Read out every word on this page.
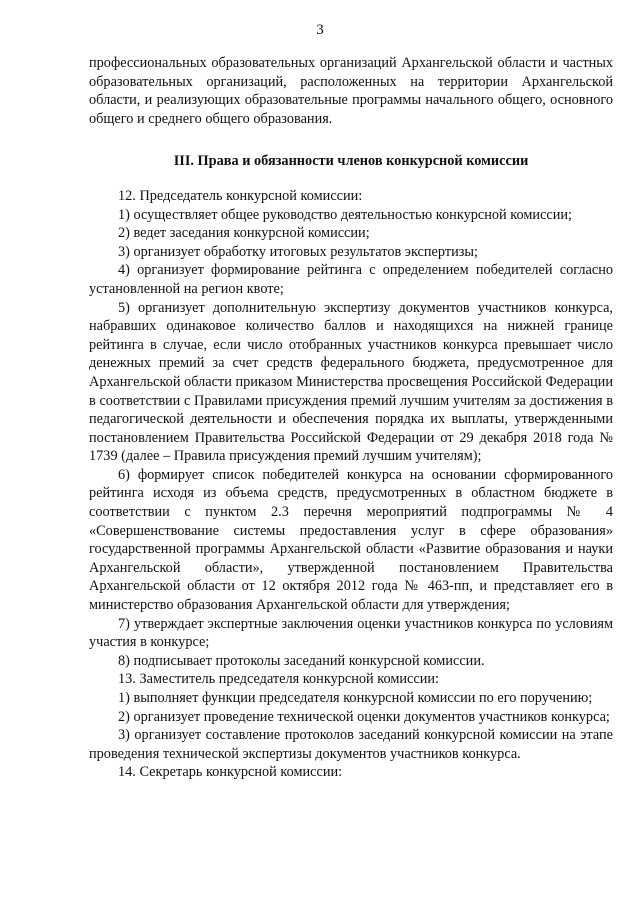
3

профессиональных образовательных организаций Архангельской области и частных образовательных организаций, расположенных на территории Архангельской области, и реализующих образовательные программы начального общего, основного общего и среднего общего образования.

III. Права и обязанности членов конкурсной комиссии

12. Председатель конкурсной комиссии:

1) осуществляет общее руководство деятельностью конкурсной комиссии;

2) ведет заседания конкурсной комиссии;

3) организует обработку итоговых результатов экспертизы;

4) организует формирование рейтинга с определением победителей согласно установленной на регион квоте;

5) организует дополнительную экспертизу документов участников конкурса, набравших одинаковое количество баллов и находящихся на нижней границе рейтинга в случае, если число отобранных участников конкурса превышает число денежных премий за счет средств федерального бюджета, предусмотренное для Архангельской области приказом Министерства просвещения Российской Федерации в соответствии с Правилами присуждения премий лучшим учителям за достижения в педагогической деятельности и обеспечения порядка их выплаты, утвержденными постановлением Правительства Российской Федерации от 29 декабря 2018 года № 1739 (далее – Правила присуждения премий лучшим учителям);

6) формирует список победителей конкурса на основании сформированного рейтинга исходя из объема средств, предусмотренных в областном бюджете в соответствии с пунктом 2.3 перечня мероприятий подпрограммы № 4 «Совершенствование системы предоставления услуг в сфере образования» государственной программы Архангельской области «Развитие образования и науки Архангельской области», утвержденной постановлением Правительства Архангельской области от 12 октября 2012 года № 463-пп, и представляет его в министерство образования Архангельской области для утверждения;

7) утверждает экспертные заключения оценки участников конкурса по условиям участия в конкурсе;

8) подписывает протоколы заседаний конкурсной комиссии.

13. Заместитель председателя конкурсной комиссии:

1) выполняет функции председателя конкурсной комиссии по его поручению;

2) организует проведение технической оценки документов участников конкурса;

3) организует составление протоколов заседаний конкурсной комиссии на этапе проведения технической экспертизы документов участников конкурса.

14. Секретарь конкурсной комиссии:
